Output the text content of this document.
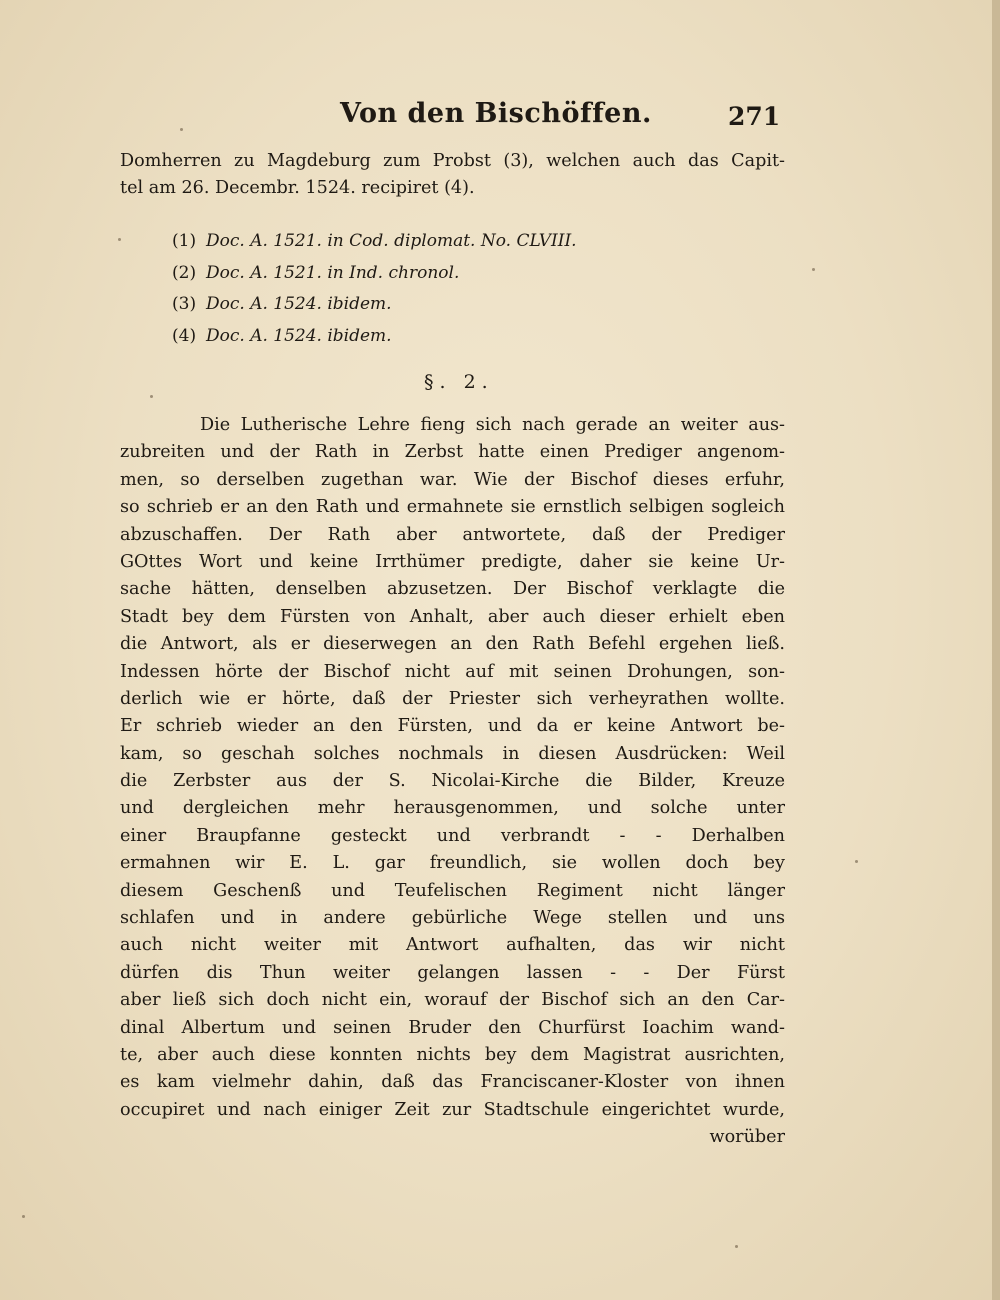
Von den Bischöffen.	271
Domherren zu Magdeburg zum Probst (3), welchen auch das Capit-
tel am 26. Decembr. 1524. recipiret (4).
(1) Doc. A. 1521. in Cod. diplomat. No. CLVIII.
(2) Doc. A. 1521. in Ind. chronol.
(3) Doc. A. 1524. ibidem.
(4) Doc. A. 1524. ibidem.
§. 2.
Die Lutherische Lehre fieng sich nach gerade an weiter aus-
zubreiten und der Rath in Zerbst hatte einen Prediger angenom-
men, so derselben zugethan war. Wie der Bischof dieses erfuhr,
so schrieb er an den Rath und ermahnete sie ernstlich selbigen sogleich
abzuschaffen. Der Rath aber antwortete, daß der Prediger
GOttes Wort und keine Irrthümer predigte, daher sie keine Ur-
sache hätten, denselben abzusetzen. Der Bischof verklagte die
Stadt bey dem Fürsten von Anhalt, aber auch dieser erhielt eben
die Antwort, als er dieserwegen an den Rath Befehl ergehen ließ.
Indessen hörte der Bischof nicht auf mit seinen Drohungen, son-
derlich wie er hörte, daß der Priester sich verheyrathen wollte.
Er schrieb wieder an den Fürsten, und da er keine Antwort be-
kam, so geschah solches nochmals in diesen Ausdrücken: Weil
die Zerbster aus der S. Nicolai-Kirche die Bilder, Kreuze
und dergleichen mehr herausgenommen, und solche unter
einer Braupfanne gesteckt und verbrandt - - Derhalben
ermahnen wir E. L. gar freundlich, sie wollen doch bey
diesem Geschenß und Teufelischen Regiment nicht länger
schlafen und in andere gebürliche Wege stellen und uns
auch nicht weiter mit Antwort aufhalten, das wir nicht
dürfen dis Thun weiter gelangen lassen - - Der Fürst
aber ließ sich doch nicht ein, worauf der Bischof sich an den Car-
dinal Albertum und seinen Bruder den Churfürst Ioachim wand-
te, aber auch diese konnten nichts bey dem Magistrat ausrichten,
es kam vielmehr dahin, daß das Franciscaner-Kloster von ihnen
occupiret und nach einiger Zeit zur Stadtschule eingerichtet wurde,
worüber
